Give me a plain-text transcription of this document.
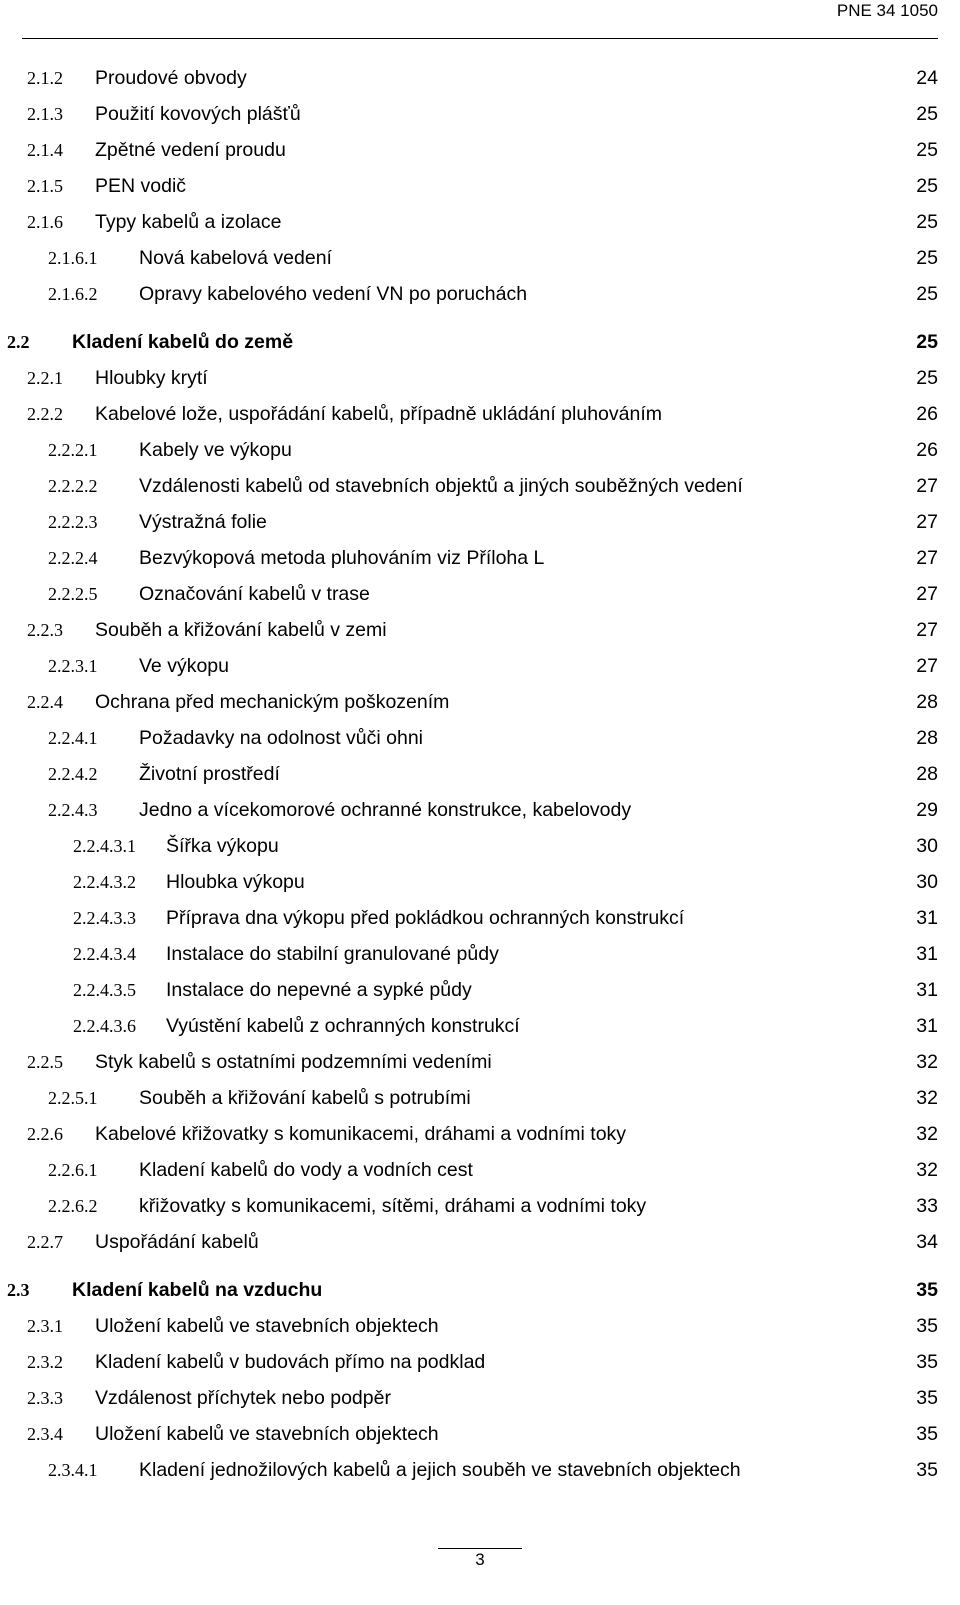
PNE 34 1050
2.1.2 Proudové obvody	24
2.1.3 Použití kovových plášťů	25
2.1.4 Zpětné vedení proudu	25
2.1.5 PEN vodič	25
2.1.6 Typy kabelů a izolace	25
2.1.6.1 Nová kabelová vedení	25
2.1.6.2 Opravy kabelového vedení VN po poruchách	25
2.2 Kladení kabelů do země	25
2.2.1 Hloubky krytí	25
2.2.2 Kabelové lože, uspořádání kabelů, případně ukládání pluhováním	26
2.2.2.1 Kabely ve výkopu	26
2.2.2.2 Vzdálenosti kabelů od stavebních objektů a jiných souběžných vedení	27
2.2.2.3 Výstražná folie	27
2.2.2.4 Bezvýkopová metoda pluhováním viz Příloha L	27
2.2.2.5 Označování kabelů v trase	27
2.2.3 Souběh a křižování kabelů v zemi	27
2.2.3.1 Ve výkopu	27
2.2.4 Ochrana před mechanickým poškozením	28
2.2.4.1 Požadavky na odolnost vůči ohni	28
2.2.4.2 Životní prostředí	28
2.2.4.3 Jedno a vícekomorové ochranné konstrukce, kabelovody	29
2.2.4.3.1 Šířka výkopu	30
2.2.4.3.2 Hloubka výkopu	30
2.2.4.3.3 Příprava dna výkopu před pokládkou ochranných konstrukcí	31
2.2.4.3.4 Instalace do stabilní granulované půdy	31
2.2.4.3.5 Instalace do nepevné a sypké půdy	31
2.2.4.3.6 Vyústění kabelů z ochranných konstrukcí	31
2.2.5 Styk kabelů s ostatními podzemními vedeními	32
2.2.5.1 Souběh a křižování kabelů s potrubími	32
2.2.6 Kabelové křižovatky s komunikacemi, dráhami a vodními toky	32
2.2.6.1 Kladení kabelů do vody a vodních cest	32
2.2.6.2 křižovatky s komunikacemi, sítěmi, dráhami a vodními toky	33
2.2.7 Uspořádání kabelů	34
2.3 Kladení kabelů na vzduchu	35
2.3.1 Uložení kabelů ve stavebních objektech	35
2.3.2 Kladení kabelů v budovách přímo na podklad	35
2.3.3 Vzdálenost příchytek nebo podpěr	35
2.3.4 Uložení kabelů ve stavebních objektech	35
2.3.4.1 Kladení jednožilových kabelů a jejich souběh ve stavebních objektech	35
3
